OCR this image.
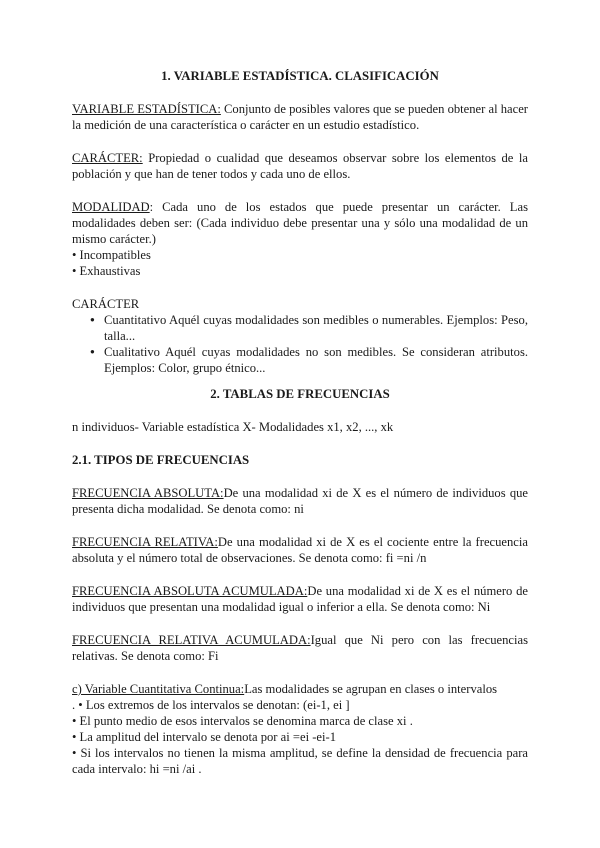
1. VARIABLE ESTADÍSTICA. CLASIFICACIÓN

VARIABLE ESTADÍSTICA: Conjunto de posibles valores que se pueden obtener al hacer la medición de una característica o carácter en un estudio estadístico.

CARÁCTER: Propiedad o cualidad que deseamos observar sobre los elementos de la población y que han de tener todos y cada uno de ellos.

MODALIDAD: Cada uno de los estados que puede presentar un carácter. Las modalidades deben ser: (Cada individuo debe presentar una y sólo una modalidad de un mismo carácter.)

• Incompatibles
• Exhaustivas
CARÁCTER
● Cuantitativo Aquél cuyas modalidades son medibles o numerables. Ejemplos: Peso, talla...
● Cualitativo Aquél cuyas modalidades no son medibles. Se consideran atributos. Ejemplos: Color, grupo étnico...
2. TABLAS DE FRECUENCIAS

n individuos- Variable estadística X- Modalidades x1, x2, ..., xk

2.1. TIPOS DE FRECUENCIAS

FRECUENCIA ABSOLUTA:De una modalidad xi de X es el número de individuos que presenta dicha modalidad. Se denota como: ni

FRECUENCIA RELATIVA:De una modalidad xi de X es el cociente entre la frecuencia absoluta y el número total de observaciones. Se denota como: fi =ni /n

FRECUENCIA ABSOLUTA ACUMULADA:De una modalidad xi de X es el número de individuos que presentan una modalidad igual o inferior a ella. Se denota como: Ni

FRECUENCIA RELATIVA ACUMULADA:Igual que Ni pero con las frecuencias relativas. Se denota como: Fi

c) Variable Cuantitativa Continua:Las modalidades se agrupan en clases o intervalos

. • Los extremos de los intervalos se denotan: (ei-1, ei ]

• El punto medio de esos intervalos se denomina marca de clase xi .

• La amplitud del intervalo se denota por ai =ei -ei-1

• Si los intervalos no tienen la misma amplitud, se define la densidad de frecuencia para cada intervalo: hi =ni /ai .
